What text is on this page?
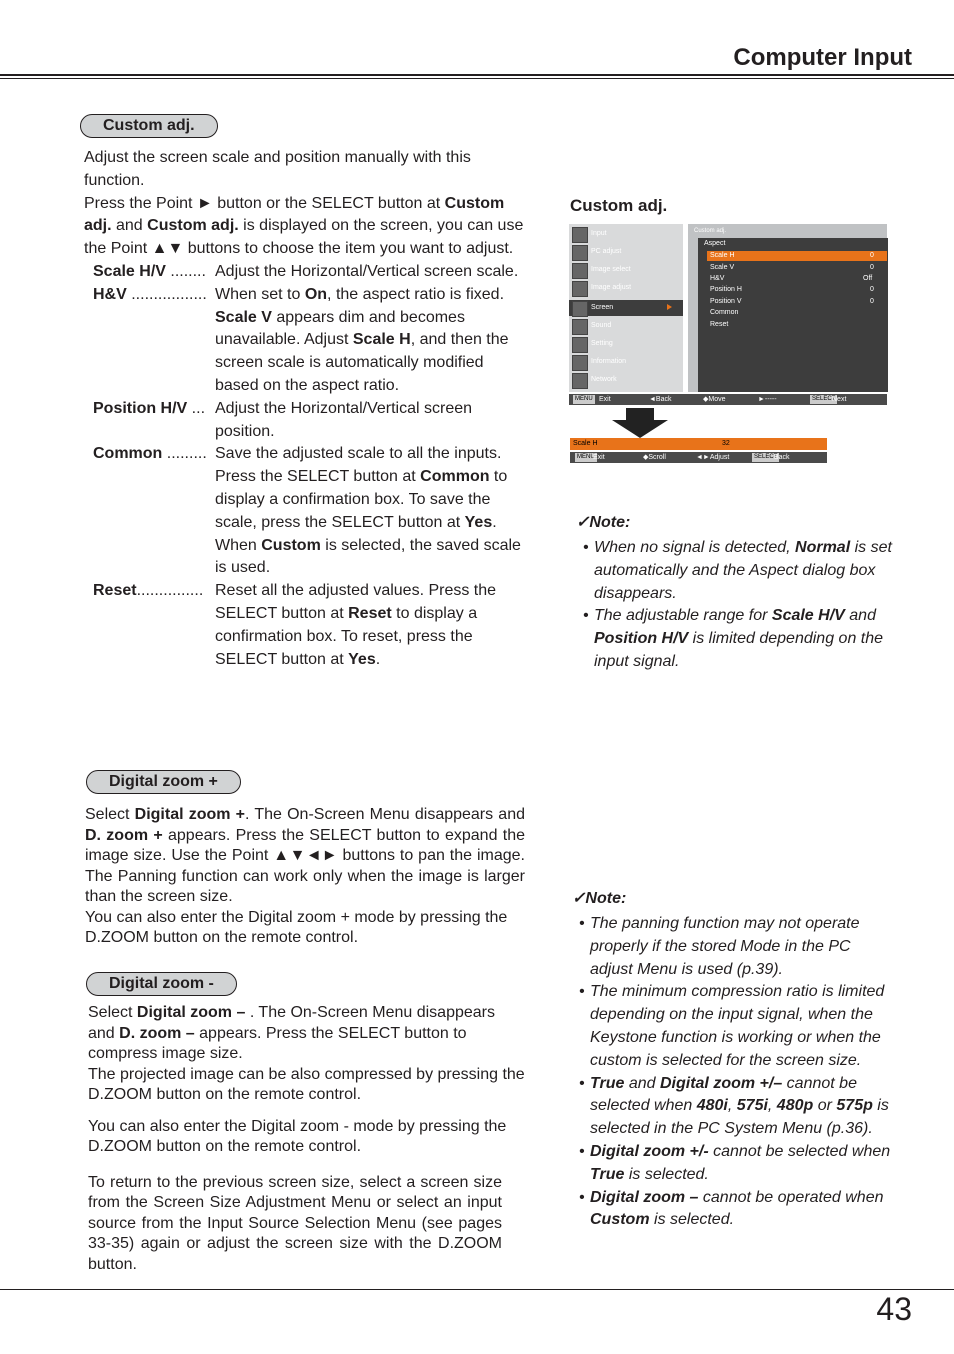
Computer Input
Custom adj.

Adjust the screen scale and position manually with this function.

Press the Point ► button or the SELECT button at Custom adj. and Custom adj. is displayed on the screen, you can use the Point ▲▼ buttons to choose the item you want to adjust.

Scale H/V ........ Adjust the Horizontal/Vertical screen scale.
H&V ................. When set to On, the aspect ratio is fixed. Scale V appears dim and becomes unavailable. Adjust Scale H, and then the screen scale is automatically modified based on the aspect ratio.
Position H/V ... Adjust the Horizontal/Vertical screen position.
Common ......... Save the adjusted scale to all the inputs. Press the SELECT button at Common to display a confirmation box. To save the scale, press the SELECT button at Yes. When Custom is selected, the saved scale is used.
Reset............... Reset all the adjusted values. Press the SELECT button at Reset to display a confirmation box. To reset, press the SELECT button at Yes.
Custom adj.
Input
PC adjust
Image select
Image adjust
Screen
Sound
Setting
Information
Network
Custom adj.
Aspect
Scale H	0
Scale V	0
H&V	Off
Position H	0
Position V	0
Common
Reset
MENU Exit	◄Back	◆Move	►-----	SELECT
Next
Scale H	32
MENU
Exit	◆Scroll	◄►Adjust	SELECT
Back
✓Note:
• When no signal is detected, Normal is set automatically and the Aspect dialog box disappears.
• The adjustable range for Scale H/V and Position H/V is limited depending on the input signal.
Digital zoom +

Select Digital zoom +. The On-Screen Menu disappears and D. zoom + appears. Press the SELECT button to expand the image size. Use the Point ▲▼◄► buttons to pan the image. The Panning function can work only when the image is larger than the screen size.

You can also enter the Digital zoom + mode by pressing the D.ZOOM button on the remote control.

Digital zoom -

Select Digital zoom – . The On-Screen Menu disappears and D. zoom – appears. Press the SELECT button to compress image size.

The projected image can be also compressed by pressing the D.ZOOM button on the remote control.

You can also enter the Digital zoom - mode by pressing the D.ZOOM button on the remote control.

To return to the previous screen size, select a screen size from the Screen Size Adjustment Menu or select an input source from the Input Source Selection Menu (see pages 33-35) again or adjust the screen size with the D.ZOOM button.

✓Note:
• The panning function may not operate properly if the stored Mode in the PC adjust Menu is used (p.39).
• The minimum compression ratio is limited depending on the input signal, when the Keystone function is working or when the custom is selected for the screen size.
• True and Digital zoom +/– cannot be selected when 480i, 575i, 480p or 575p is selected in the PC System Menu (p.36).
• Digital zoom +/- cannot be selected when True is selected.
• Digital zoom – cannot be operated when Custom is selected.
43
